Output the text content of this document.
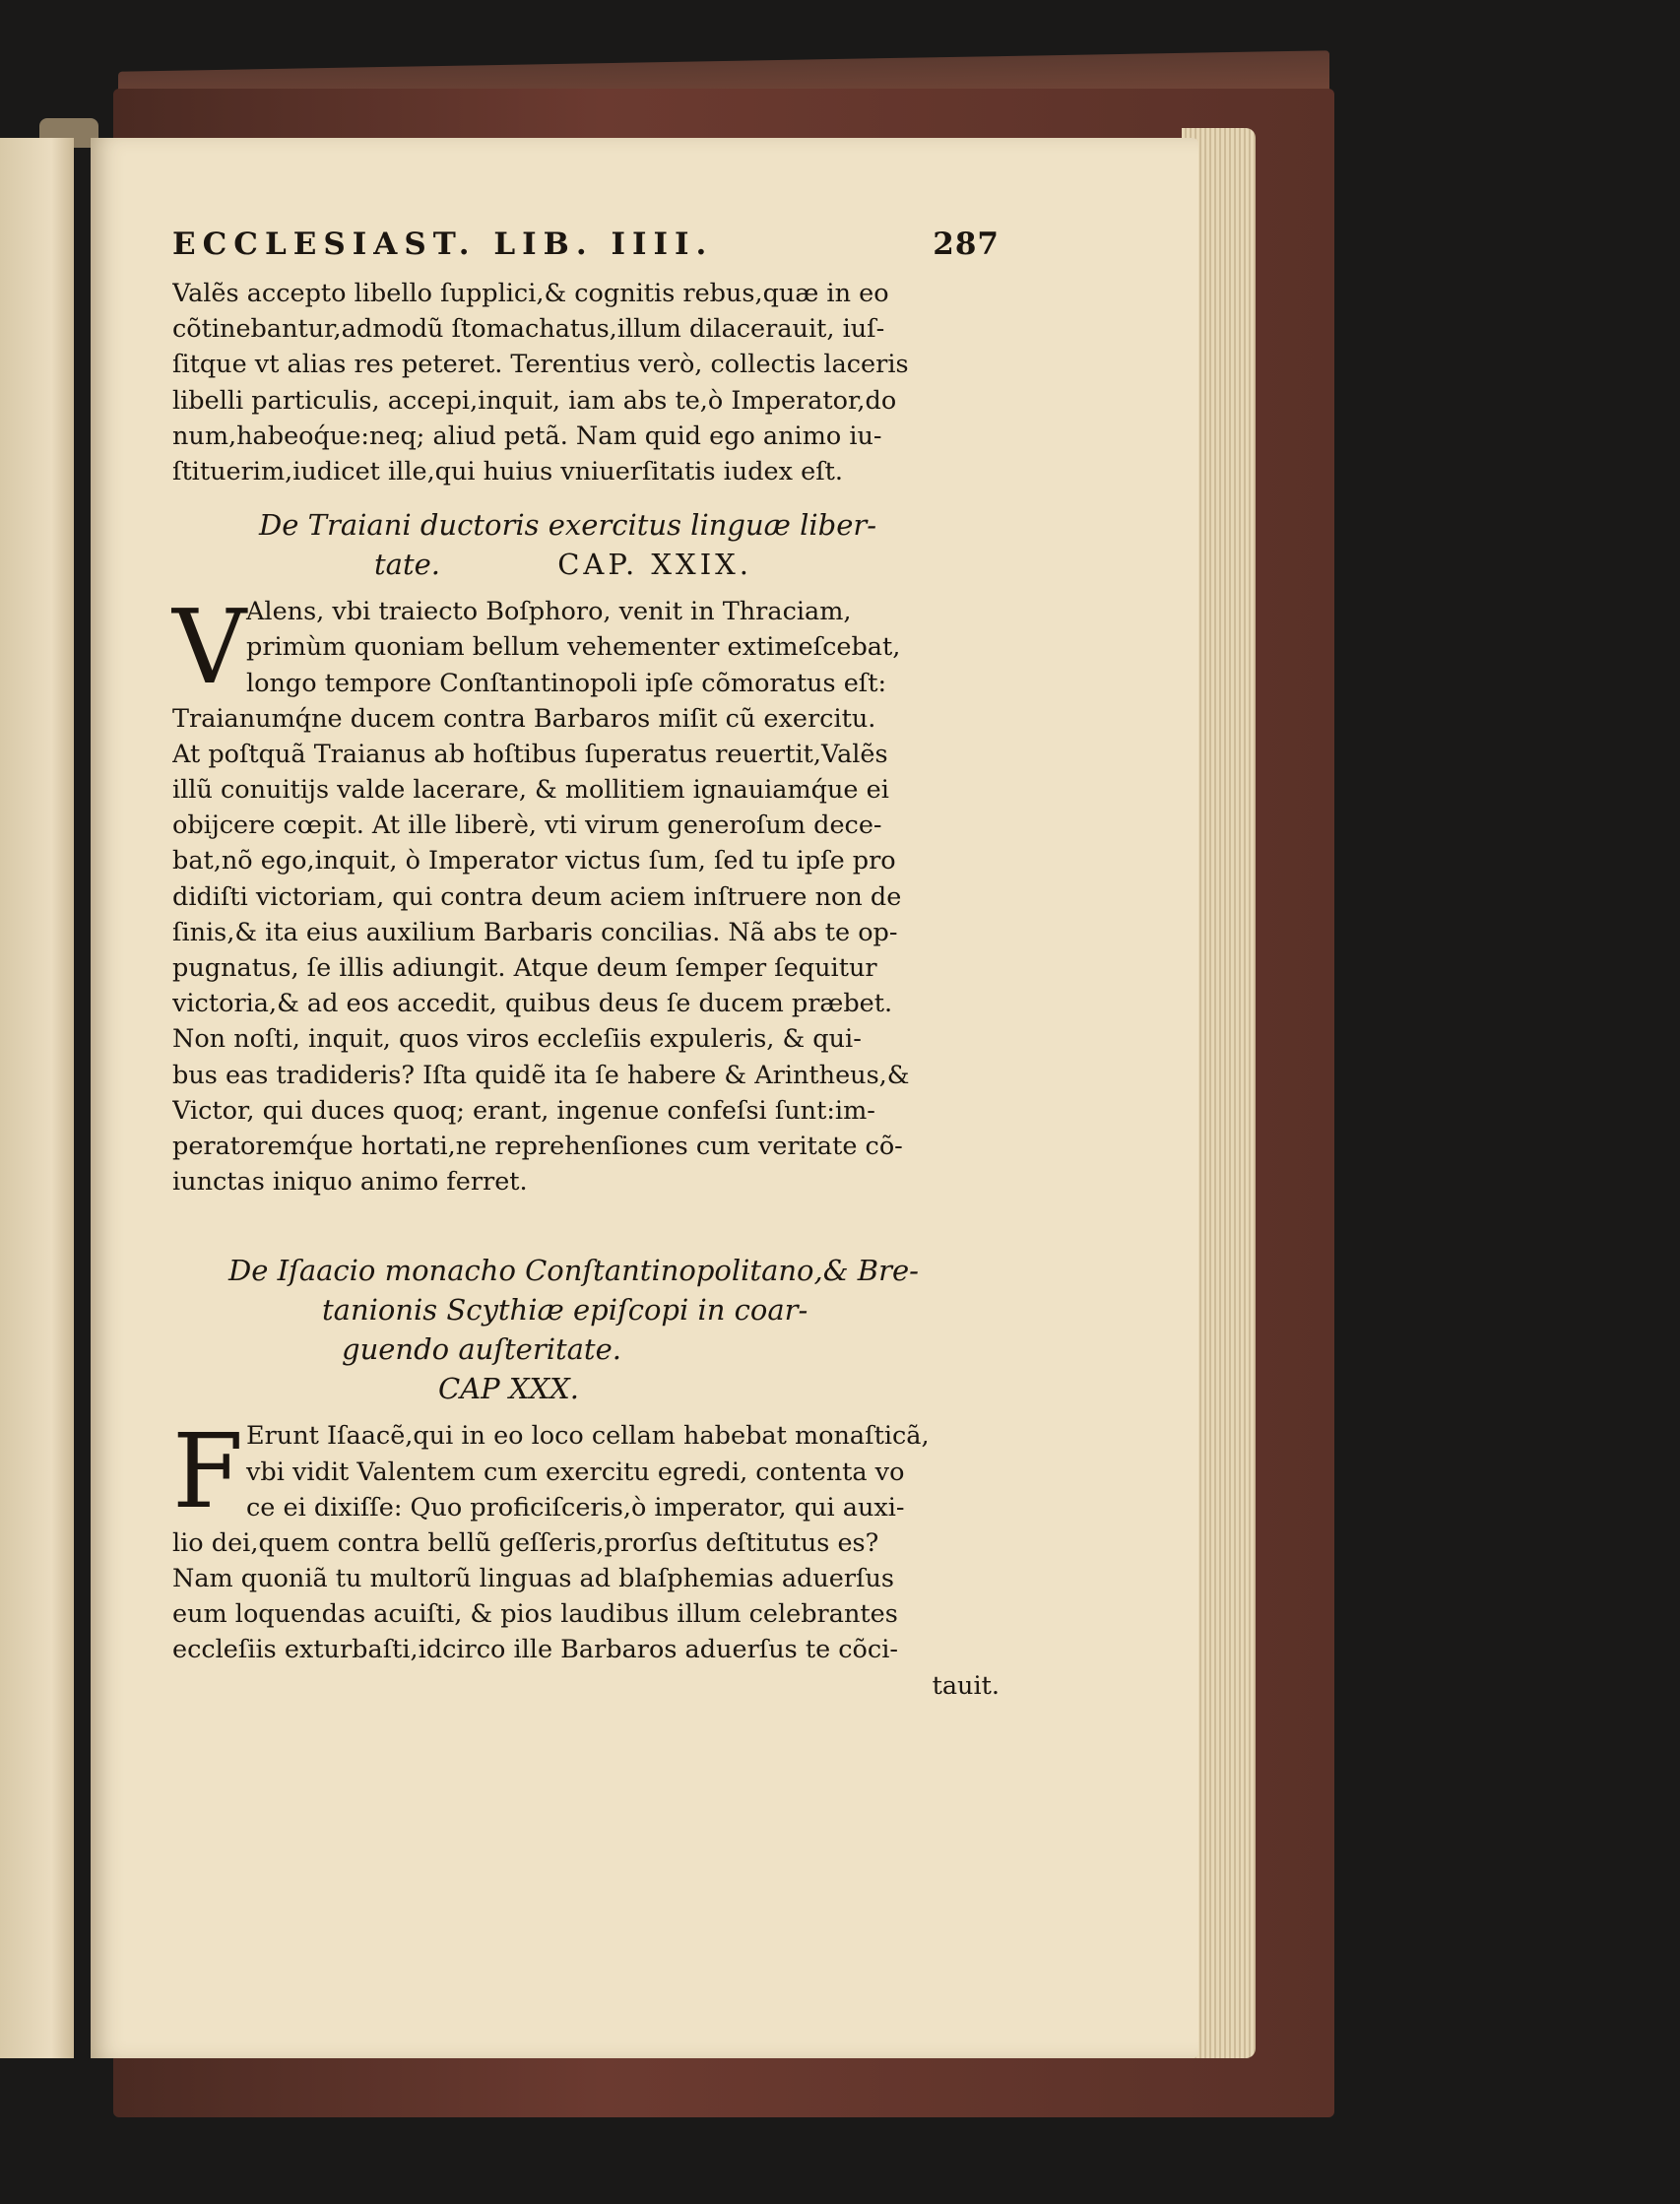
ECCLESIAST. LIB. IIII.	287
Valẽs accepto libello ſupplici,& cognitis rebus,quæ in eo
cõtinebantur,admodũ ſtomachatus,illum dilacerauit, iuſ-
ſitque vt alias res peteret. Terentius verò, collectis laceris
libelli particulis, accepi,inquit, iam abs te,ò Imperator,do
num,habeoq́ue:neq; aliud petã. Nam quid ego animo iu-
ſtituerim,iudicet ille,qui huius vniuerſitatis iudex eſt.
De Traiani ductoris exercitus linguæ liber-
tate.	CAP. XXIX.
V Alens, vbi traiecto Boſphoro, venit in Thraciam,
primùm quoniam bellum vehementer extimeſcebat,
longo tempore Conſtantinopoli ipſe cõmoratus eſt:
Traianumq́ne ducem contra Barbaros miſit cũ exercitu.
At poſtquã Traianus ab hoſtibus ſuperatus reuertit,Valẽs
illũ conuitijs valde lacerare, & mollitiem ignauiamq́ue ei
obijcere cœpit. At ille liberè, vti virum generoſum dece-
bat,nõ ego,inquit, ò Imperator victus ſum, ſed tu ipſe pro
didiſti victoriam, qui contra deum aciem inſtruere non de
ſinis,& ita eius auxilium Barbaris concilias. Nã abs te op-
pugnatus, ſe illis adiungit. Atque deum ſemper ſequitur
victoria,& ad eos accedit, quibus deus ſe ducem præbet.
Non noſti, inquit, quos viros eccleſiis expuleris, & qui-
bus eas tradideris? Iſta quidẽ ita ſe habere & Arintheus,&
Victor, qui duces quoq; erant, ingenue confeſsi ſunt:im-
peratoremq́ue hortati,ne reprehenſiones cum veritate cõ-
iunctas iniquo animo ferret.
De Iſaacio monacho Conſtantinopolitano,& Bre-
tanionis Scythiæ epiſcopi in coar-
guendo auſteritate.
CAP XXX.
F Erunt Iſaacẽ,qui in eo loco cellam habebat monaſticã,
vbi vidit Valentem cum exercitu egredi, contenta vo
ce ei dixiſſe: Quo proficiſceris,ò imperator, qui auxi-
lio dei,quem contra bellũ geſſeris,prorſus deſtitutus es?
Nam quoniã tu multorũ linguas ad blaſphemias aduerſus
eum loquendas acuiſti, & pios laudibus illum celebrantes
eccleſiis exturbaſti,idcirco ille Barbaros aduerſus te cõci-
tauit.
